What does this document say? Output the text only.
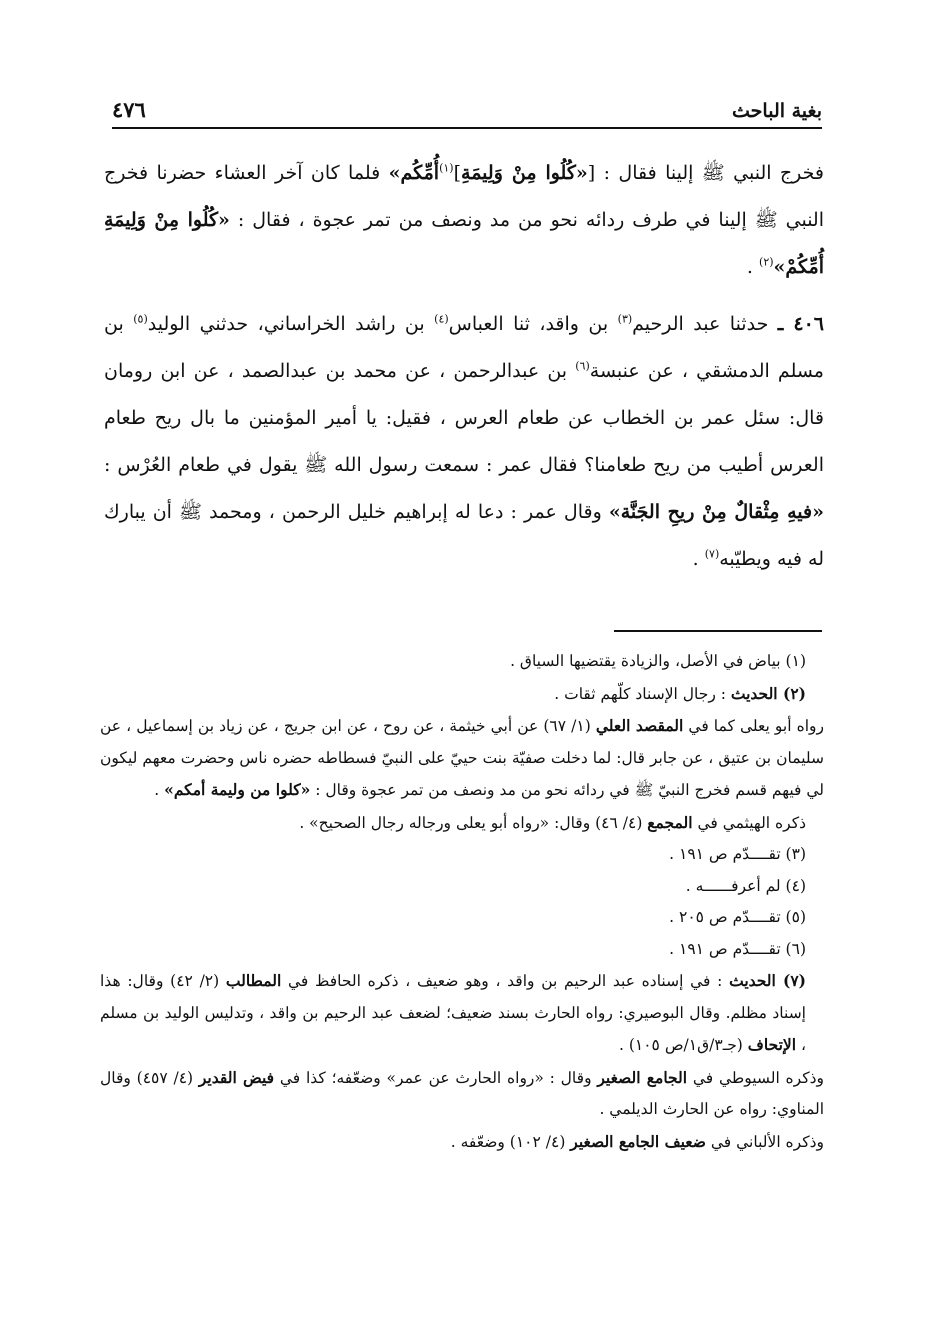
٤٧٦	بغية الباحث

فخرج النبي ﷺ إلينا فقال : [«كُلُوا مِنْ وَلِيمَةِ]$^{(١)}$أُمِّكُم» فلما كان آخر العشاء حضرنا فخرج النبي ﷺ إلينا في طرف ردائه نحو من مد ونصف من تمر عجوة ، فقال : «كُلُوا مِنْ وَلِيمَةِ أُمِّكُمْ»$^{(٢)}$ .

٤٠٦ ـ حدثنا عبد الرحيم$^{(٣)}$ بن واقد، ثنا العباس$^{(٤)}$ بن راشد الخراساني، حدثني الوليد$^{(٥)}$ بن مسلم الدمشقي ، عن عنبسة$^{(٦)}$ بن عبدالرحمن ، عن محمد بن عبدالصمد ، عن ابن رومان قال: سئل عمر بن الخطاب عن طعام العرس ، فقيل: يا أمير المؤمنين ما بال ريح طعام العرس أطيب من ريح طعامنا؟ فقال عمر : سمعت رسول الله ﷺ يقول في طعام العُرْس : «فيهِ مِثْقالٌ مِنْ ريحِ الجَنَّة» وقال عمر : دعا له إبراهيم خليل الرحمن ، ومحمد ﷺ أن يبارك له فيه ويطيّبه$^{(٧)}$ .

(١) بياض في الأصل، والزيادة يقتضيها السياق .

(٢) الحديث : رجال الإسناد كلّهم ثقات .

رواه أبو يعلى كما في المقصد العلي (١/ ٦٧) عن أبي خيثمة ، عن روح ، عن ابن جريج ، عن زياد بن إسماعيل ، عن سليمان بن عتيق ، عن جابر قال: لما دخلت صفيّة بنت حييّ على النبيّ فسطاطه حضره ناس وحضرت معهم ليكون لي فيهم قسم فخرج النبيّ ﷺ في ردائه نحو من مد ونصف من تمر عجوة وقال : «كلوا من وليمة أمكم» .

ذكره الهيثمي في المجمع (٤/ ٤٦) وقال: «رواه أبو يعلى ورجاله رجال الصحيح» .

(٣) تقــــدّم ص ١٩١ .

(٤) لم أعرفــــــه .

(٥) تقــــدّم ص ٢٠٥ .

(٦) تقــــدّم ص ١٩١ .

(٧) الحديث : في إسناده عبد الرحيم بن واقد ، وهو ضعيف ، ذكره الحافظ في المطالب (٢/ ٤٢) وقال: هذا إسناد مظلم. وقال البوصيري: رواه الحارث بسند ضعيف؛ لضعف عبد الرحيم بن واقد ، وتدليس الوليد بن مسلم ، الإتحاف (جـ٣/ق١/ص ١٠٥) .

وذكره السيوطي في الجامع الصغير وقال : «رواه الحارث عن عمر» وضعّفه؛ كذا في فيض القدير (٤/ ٤٥٧) وقال المناوي: رواه عن الحارث الديلمي .

وذكره الألباني في ضعيف الجامع الصغير (٤/ ١٠٢) وضعّفه .
